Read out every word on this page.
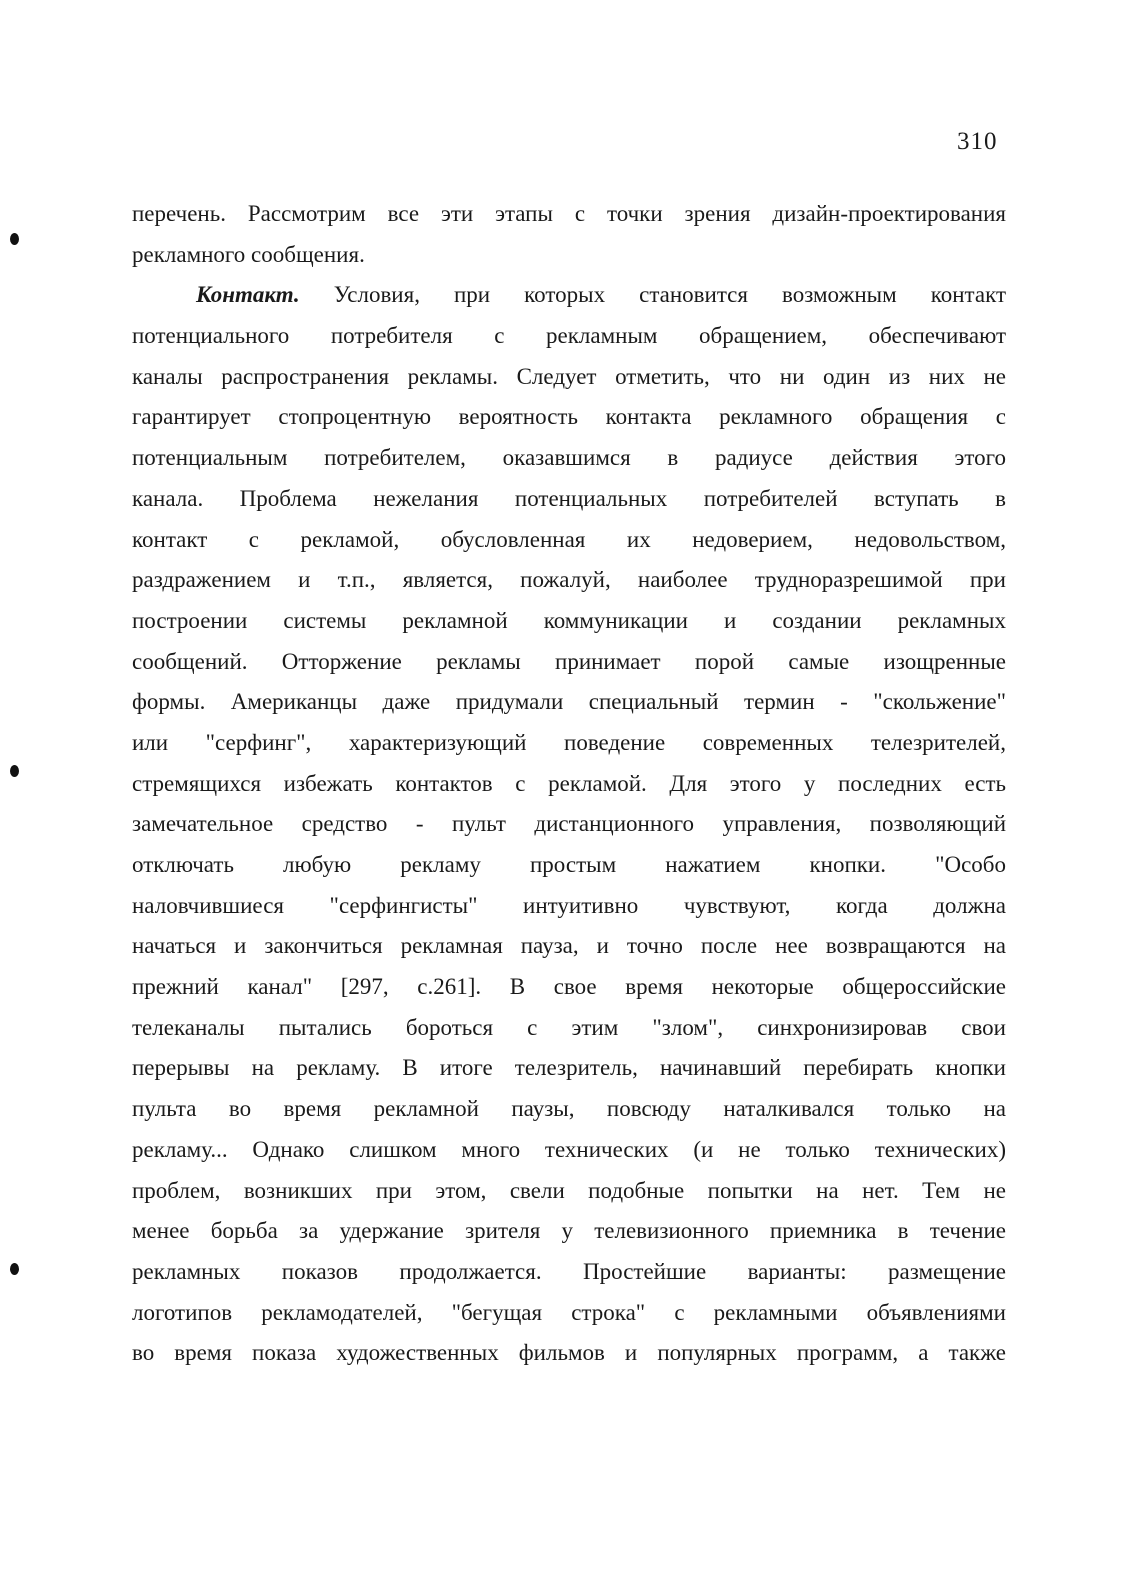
310
перечень. Рассмотрим все эти этапы с точки зрения дизайн-проектирования
рекламного сообщения.
Контакт. Условия, при которых становится возможным контакт
потенциального потребителя с рекламным обращением, обеспечивают
каналы распространения рекламы. Следует отметить, что ни один из них не
гарантирует стопроцентную вероятность контакта рекламного обращения с
потенциальным потребителем, оказавшимся в радиусе действия этого
канала. Проблема нежелания потенциальных потребителей вступать в
контакт с рекламой, обусловленная их недоверием, недовольством,
раздражением и т.п., является, пожалуй, наиболее трудноразрешимой при
построении системы рекламной коммуникации и создании рекламных
сообщений. Отторжение рекламы принимает порой самые изощренные
формы. Американцы даже придумали специальный термин - "скольжение"
или "серфинг", характеризующий поведение современных телезрителей,
стремящихся избежать контактов с рекламой. Для этого у последних есть
замечательное средство - пульт дистанционного управления, позволяющий
отключать любую рекламу простым нажатием кнопки. "Особо
наловчившиеся "серфингисты" интуитивно чувствуют, когда должна
начаться и закончиться рекламная пауза, и точно после нее возвращаются на
прежний канал" [297, с.261]. В свое время некоторые общероссийские
телеканалы пытались бороться с этим "злом", синхронизировав свои
перерывы на рекламу. В итоге телезритель, начинавший перебирать кнопки
пульта во время рекламной паузы, повсюду наталкивался только на
рекламу... Однако слишком много технических (и не только технических)
проблем, возникших при этом, свели подобные попытки на нет. Тем не
менее борьба за удержание зрителя у телевизионного приемника в течение
рекламных показов продолжается. Простейшие варианты: размещение
логотипов рекламодателей, "бегущая строка" с рекламными объявлениями
во время показа художественных фильмов и популярных программ, а также
